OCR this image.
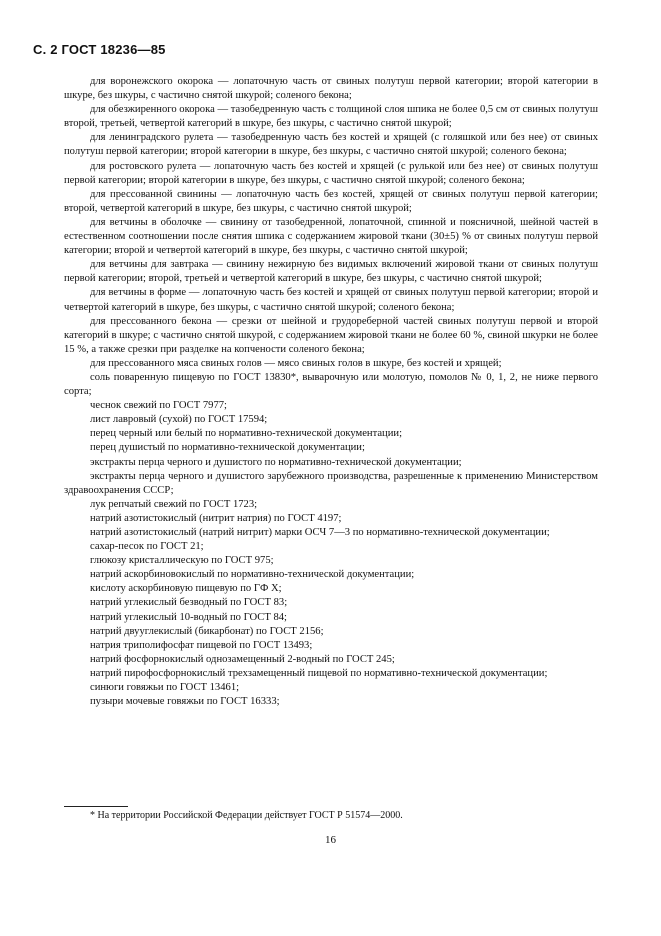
С. 2 ГОСТ 18236—85

для воронежского окорока — лопаточную часть от свиных полутуш первой категории; второй категории в шкуре, без шкуры, с частично снятой шкурой; соленого бекона;

для обезжиренного окорока — тазобедренную часть с толщиной слоя шпика не более 0,5 см от свиных полутуш второй, третьей, четвертой категорий в шкуре, без шкуры, с частично снятой шкурой;

для ленинградского рулета — тазобедренную часть без костей и хрящей (с голяшкой или без нее) от свиных полутуш первой категории; второй категории в шкуре, без шкуры, с частично снятой шкурой; соленого бекона;

для ростовского рулета — лопаточную часть без костей и хрящей (с рулькой или без нее) от свиных полутуш первой категории; второй категории в шкуре, без шкуры, с частично снятой шкурой; соленого бекона;

для прессованной свинины — лопаточную часть без костей, хрящей от свиных полутуш первой категории; второй, четвертой категорий в шкуре, без шкуры, с частично снятой шкурой;

для ветчины в оболочке — свинину от тазобедренной, лопаточной, спинной и поясничной, шейной частей в естественном соотношении после снятия шпика с содержанием жировой ткани (30±5) % от свиных полутуш первой категории; второй и четвертой категорий в шкуре, без шкуры, с частично снятой шкурой;

для ветчины для завтрака — свинину нежирную без видимых включений жировой ткани от свиных полутуш первой категории; второй, третьей и четвертой категорий в шкуре, без шкуры, с частично снятой шкурой;

для ветчины в форме — лопаточную часть без костей и хрящей от свиных полутуш первой категории; второй и четвертой категорий в шкуре, без шкуры, с частично снятой шкурой; соленого бекона;

для прессованного бекона — срезки от шейной и грудореберной частей свиных полутуш первой и второй категорий в шкуре; с частично снятой шкурой, с содержанием жировой ткани не более 60 %, свиной шкурки не более 15 %, а также срезки при разделке на копчености соленого бекона;

для прессованного мяса свиных голов — мясо свиных голов в шкуре, без костей и хрящей;

соль поваренную пищевую по ГОСТ 13830*, выварочную или молотую, помолов № 0, 1, 2, не ниже первого сорта;

чеснок свежий по ГОСТ 7977;

лист лавровый (сухой) по ГОСТ 17594;

перец черный или белый по нормативно-технической документации;

перец душистый по нормативно-технической документации;

экстракты перца черного и душистого по нормативно-технической документации;

экстракты перца черного и душистого зарубежного производства, разрешенные к применению Министерством здравоохранения СССР;

лук репчатый свежий по ГОСТ 1723;

натрий азотистокислый (нитрит натрия) по ГОСТ 4197;

натрий азотистокислый (натрий нитрит) марки ОСЧ 7—3 по нормативно-технической документации;

сахар-песок по ГОСТ 21;

глюкозу кристаллическую по ГОСТ 975;

натрий аскорбиновокислый по нормативно-технической документации;

кислоту аскорбиновую пищевую по ГФ Х;

натрий углекислый безводный по ГОСТ 83;

натрий углекислый 10-водный по ГОСТ 84;

натрий двууглекислый (бикарбонат) по ГОСТ 2156;

натрия триполифосфат пищевой по ГОСТ 13493;

натрий фосфорнокислый однозамещенный 2-водный по ГОСТ 245;

натрий пирофосфорнокислый трехзамещенный пищевой по нормативно-технической документации;

синюги говяжьи по ГОСТ 13461;

пузыри мочевые говяжьи по ГОСТ 16333;

* На территории Российской Федерации действует ГОСТ Р 51574—2000.
16
